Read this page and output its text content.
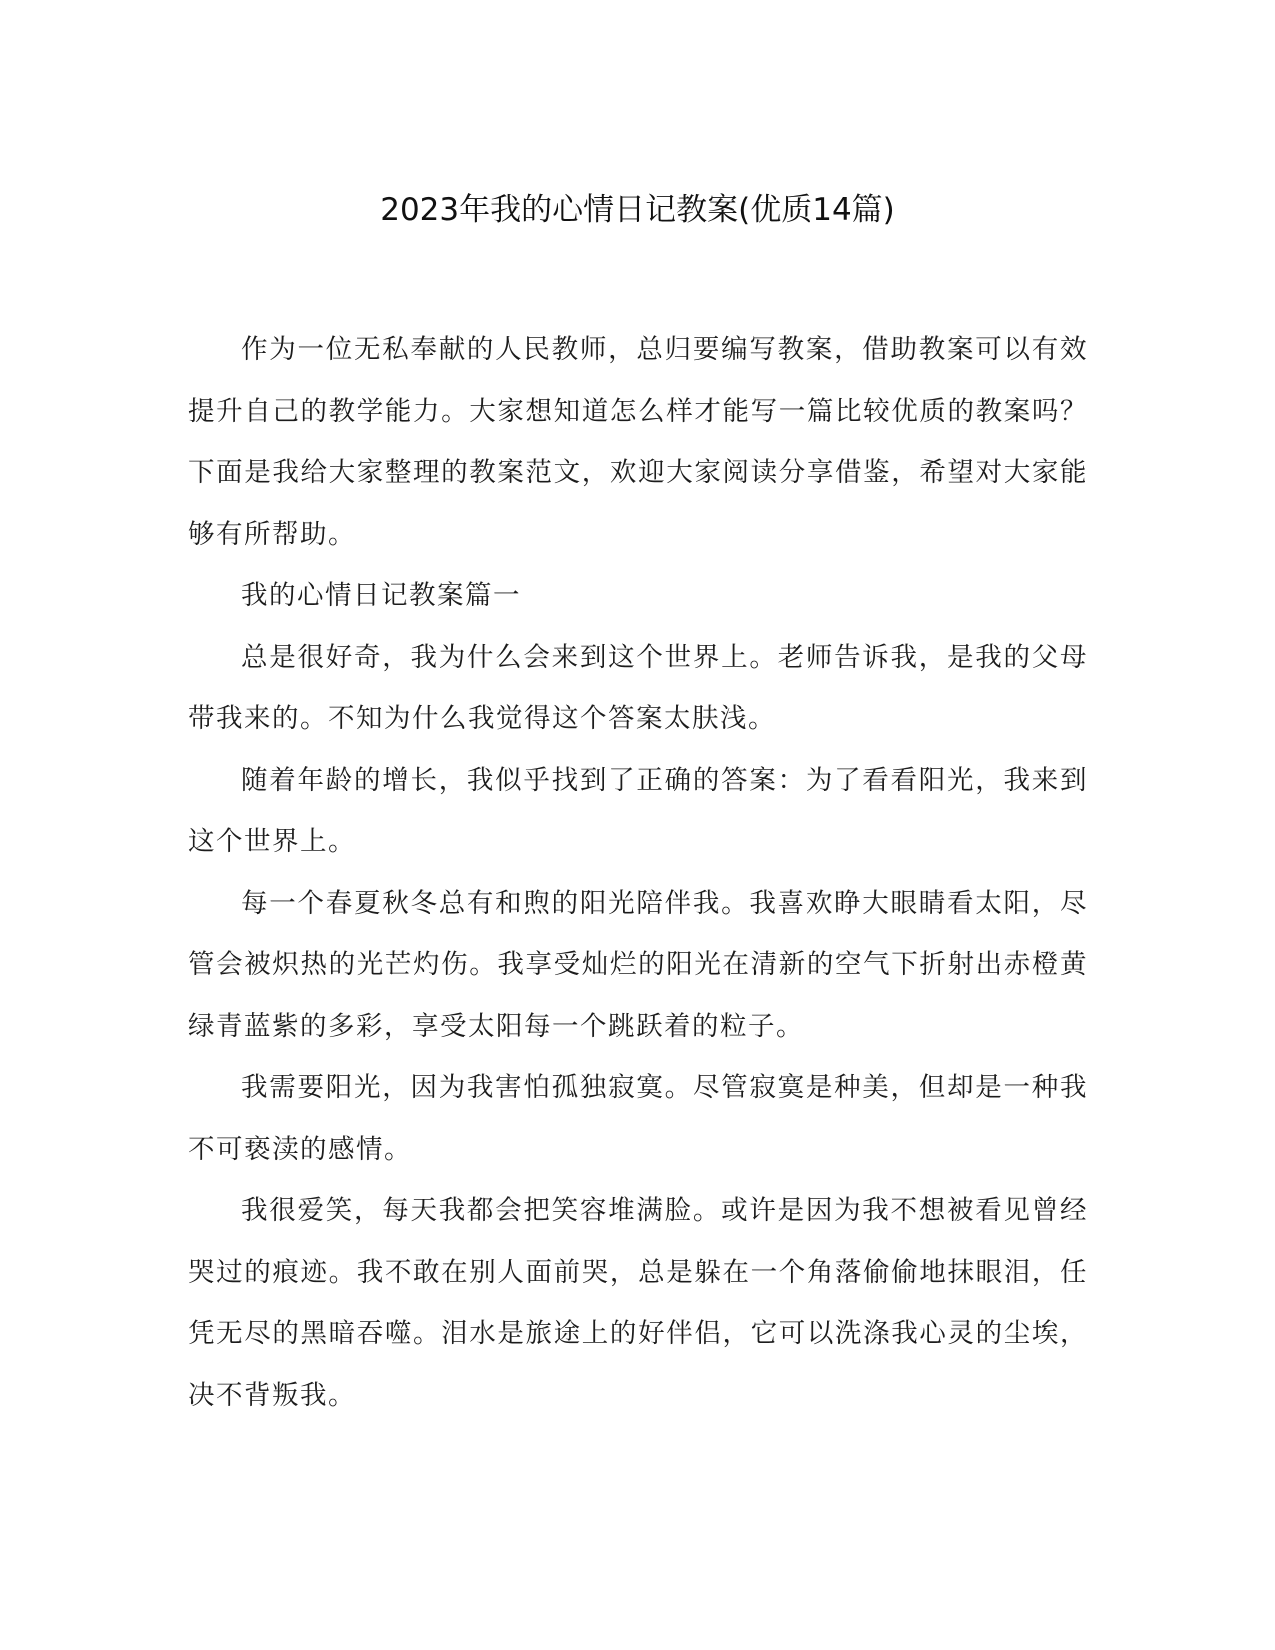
2023年我的心情日记教案(优质14篇)

作为一位无私奉献的人民教师，总归要编写教案，借助教案可以有效提升自己的教学能力。大家想知道怎么样才能写一篇比较优质的教案吗？下面是我给大家整理的教案范文，欢迎大家阅读分享借鉴，希望对大家能够有所帮助。

我的心情日记教案篇一

总是很好奇，我为什么会来到这个世界上。老师告诉我，是我的父母带我来的。不知为什么我觉得这个答案太肤浅。

随着年龄的增长，我似乎找到了正确的答案：为了看看阳光，我来到这个世界上。

每一个春夏秋冬总有和煦的阳光陪伴我。我喜欢睁大眼睛看太阳，尽管会被炽热的光芒灼伤。我享受灿烂的阳光在清新的空气下折射出赤橙黄绿青蓝紫的多彩，享受太阳每一个跳跃着的粒子。

我需要阳光，因为我害怕孤独寂寞。尽管寂寞是种美，但却是一种我不可亵渎的感情。

我很爱笑，每天我都会把笑容堆满脸。或许是因为我不想被看见曾经哭过的痕迹。我不敢在别人面前哭，总是躲在一个角落偷偷地抹眼泪，任凭无尽的黑暗吞噬。泪水是旅途上的好伴侣，它可以洗涤我心灵的尘埃，决不背叛我。
